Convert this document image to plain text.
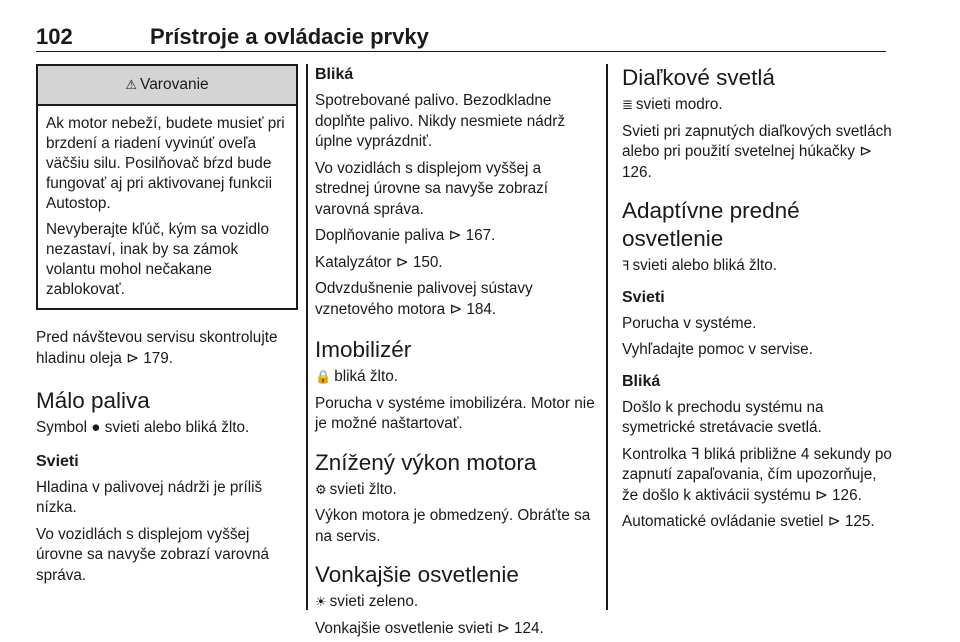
102	Prístroje a ovládacie prvky
⚠ Varovanie

Ak motor nebeží, budete musieť pri brzdení a riadení vyvinúť oveľa väčšiu silu. Posilňovač bŕzd bude fungovať aj pri aktivovanej funkcii Autostop.

Nevyberajte kľúč, kým sa vozidlo nezastaví, inak by sa zámok volantu mohol nečakane zablokovať.

Pred návštevou servisu skontrolujte hladinu oleja ⊳ 179.

Málo paliva

Symbol ● svieti alebo bliká žlto.

Svieti

Hladina v palivovej nádrži je príliš nízka.

Vo vozidlách s displejom vyššej úrovne sa navyše zobrazí varovná správa.

Bliká

Spotrebované palivo. Bezodkladne doplňte palivo. Nikdy nesmiete nádrž úplne vyprázdniť.

Vo vozidlách s displejom vyššej a strednej úrovne sa navyše zobrazí varovná správa.

Doplňovanie paliva ⊳ 167.

Katalyzátor ⊳ 150.

Odvzdušnenie palivovej sústavy vznetového motora ⊳ 184.

Imobilizér

🔒 bliká žlto.

Porucha v systéme imobilizéra. Motor nie je možné naštartovať.

Znížený výkon motora

⚙ svieti žlto.

Výkon motora je obmedzený. Obráťte sa na servis.

Vonkajšie osvetlenie

☀ svieti zeleno.

Vonkajšie osvetlenie svieti ⊳ 124.

Diaľkové svetlá

≣ svieti modro.

Svieti pri zapnutých diaľkových svetlách alebo pri použití svetelnej húkačky ⊳ 126.

Adaptívne predné osvetlenie

ꟻ svieti alebo bliká žlto.

Svieti

Porucha v systéme.

Vyhľadajte pomoc v servise.

Bliká

Došlo k prechodu systému na symetrické stretávacie svetlá.

Kontrolka ꟻ bliká približne 4 sekundy po zapnutí zapaľovania, čím upozorňuje, že došlo k aktivácii systému ⊳ 126.

Automatické ovládanie svetiel ⊳ 125.
